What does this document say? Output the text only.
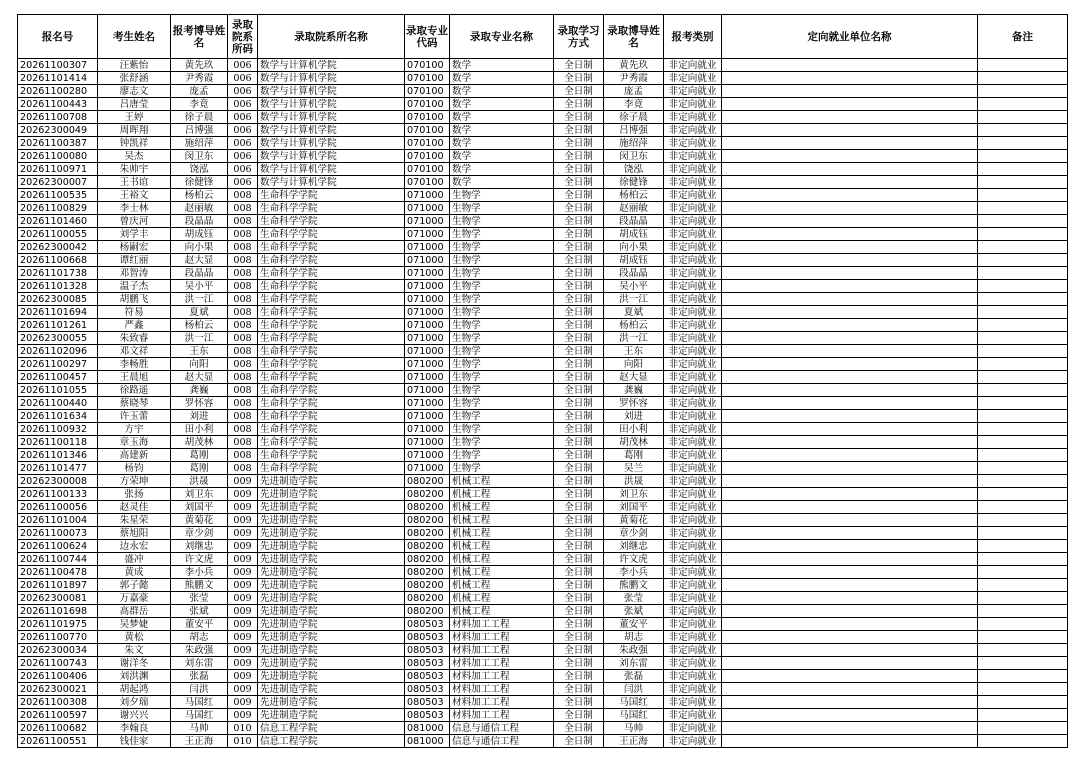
报名号	考生姓名	报考博导姓名	录取院系所码	录取院系所名称	录取专业代码	录取专业名称	录取学习方式	录取博导姓名	报考类别	定向就业单位名称	备注
20261100307	汪紫怡	黄先玖	006	数学与计算机学院	070100	数学	全日制	黄先玖	非定向就业		
20261101414	张舒涵	尹秀霞	006	数学与计算机学院	070100	数学	全日制	尹秀霞	非定向就业		
20261100280	廖志文	庞孟	006	数学与计算机学院	070100	数学	全日制	庞孟	非定向就业		
20261100443	吕唐莹	李竟	006	数学与计算机学院	070100	数学	全日制	李竟	非定向就业		
20261100708	王婷	徐子晨	006	数学与计算机学院	070100	数学	全日制	徐子晨	非定向就业		
20262300049	周晖翔	吕博强	006	数学与计算机学院	070100	数学	全日制	吕博强	非定向就业		
20261100387	钟凯祥	施绍萍	006	数学与计算机学院	070100	数学	全日制	施绍萍	非定向就业		
20261100080	吴杰	闵卫东	006	数学与计算机学院	070100	数学	全日制	闵卫东	非定向就业		
20261100971	朱帅宇	饶泓	006	数学与计算机学院	070100	数学	全日制	饶泓	非定向就业		
20262300007	王书谊	徐健锋	006	数学与计算机学院	070100	数学	全日制	徐健锋	非定向就业		
20261100535	王裕文	杨柏云	008	生命科学学院	071000	生物学	全日制	杨柏云	非定向就业		
20261100829	李士林	赵丽敏	008	生命科学学院	071000	生物学	全日制	赵丽敏	非定向就业		
20261101460	曾庆河	段晶晶	008	生命科学学院	071000	生物学	全日制	段晶晶	非定向就业		
20261100055	刘学丰	胡成钰	008	生命科学学院	071000	生物学	全日制	胡成钰	非定向就业		
20262300042	杨嗣宏	向小果	008	生命科学学院	071000	生物学	全日制	向小果	非定向就业		
20261100668	谭红丽	赵大显	008	生命科学学院	071000	生物学	全日制	胡成钰	非定向就业		
20261101738	邓智涛	段晶晶	008	生命科学学院	071000	生物学	全日制	段晶晶	非定向就业		
20261101328	温子杰	吴小平	008	生命科学学院	071000	生物学	全日制	吴小平	非定向就业		
20262300085	胡鹏飞	洪一江	008	生命科学学院	071000	生物学	全日制	洪一江	非定向就业		
20261101694	符易	夏斌	008	生命科学学院	071000	生物学	全日制	夏斌	非定向就业		
20261101261	严鑫	杨柏云	008	生命科学学院	071000	生物学	全日制	杨柏云	非定向就业		
20262300055	朱致睿	洪一江	008	生命科学学院	071000	生物学	全日制	洪一江	非定向就业		
20261102096	邓文祥	王东	008	生命科学学院	071000	生物学	全日制	王东	非定向就业		
20261100297	李畅胜	向阳	008	生命科学学院	071000	生物学	全日制	向阳	非定向就业		
20261100457	王晨旭	赵大显	008	生命科学学院	071000	生物学	全日制	赵大显	非定向就业		
20261101055	徐路遥	龚巍	008	生命科学学院	071000	生物学	全日制	龚巍	非定向就业		
20261100440	蔡晓琴	罗怀容	008	生命科学学院	071000	生物学	全日制	罗怀容	非定向就业		
20261101634	许玉蕾	刘进	008	生命科学学院	071000	生物学	全日制	刘进	非定向就业		
20261100932	方宇	田小利	008	生命科学学院	071000	生物学	全日制	田小利	非定向就业		
20261100118	章玉海	胡茂林	008	生命科学学院	071000	生物学	全日制	胡茂林	非定向就业		
20261101346	高建新	葛刚	008	生命科学学院	071000	生物学	全日制	葛刚	非定向就业		
20261101477	杨钧	葛刚	008	生命科学学院	071000	生物学	全日制	吴兰	非定向就业		
20262300008	方荣坤	洪晟	009	先进制造学院	080200	机械工程	全日制	洪晟	非定向就业		
20261100133	张扬	刘卫东	009	先进制造学院	080200	机械工程	全日制	刘卫东	非定向就业		
20261100056	赵灵佳	刘国平	009	先进制造学院	080200	机械工程	全日制	刘国平	非定向就业		
20261101004	朱星荣	黄菊花	009	先进制造学院	080200	机械工程	全日制	黄菊花	非定向就业		
20261100073	蔡旭阳	章少剑	009	先进制造学院	080200	机械工程	全日制	章少剑	非定向就业		
20261100624	边永宏	刘继忠	009	先进制造学院	080200	机械工程	全日制	刘继忠	非定向就业		
20261100744	盛冲	许文虎	009	先进制造学院	080200	机械工程	全日制	许文虎	非定向就业		
20261100478	黄成	李小兵	009	先进制造学院	080200	机械工程	全日制	李小兵	非定向就业		
20261101897	郭子懿	熊鹏文	009	先进制造学院	080200	机械工程	全日制	熊鹏文	非定向就业		
20262300081	万嘉豪	张莹	009	先进制造学院	080200	机械工程	全日制	张莹	非定向就业		
20261101698	高群岳	张斌	009	先进制造学院	080200	机械工程	全日制	张斌	非定向就业		
20261101975	吴梦婕	董安平	009	先进制造学院	080503	材料加工工程	全日制	董安平	非定向就业		
20261100770	黄松	胡志	009	先进制造学院	080503	材料加工工程	全日制	胡志	非定向就业		
20262300034	朱文	朱政强	009	先进制造学院	080503	材料加工工程	全日制	朱政强	非定向就业		
20261100743	谢洋冬	刘东雷	009	先进制造学院	080503	材料加工工程	全日制	刘东雷	非定向就业		
20261100406	刘洪渊	张磊	009	先进制造学院	080503	材料加工工程	全日制	张磊	非定向就业		
20262300021	胡起鸿	闫洪	009	先进制造学院	080503	材料加工工程	全日制	闫洪	非定向就业		
20261100308	刘夕瑞	马国红	009	先进制造学院	080503	材料加工工程	全日制	马国红	非定向就业		
20261100597	谢兴兴	马国红	009	先进制造学院	080503	材料加工工程	全日制	马国红	非定向就业		
20261100682	李翰良	马帅	010	信息工程学院	081000	信息与通信工程	全日制	马帅	非定向就业		
20261100551	钱佳家	王正海	010	信息工程学院	081000	信息与通信工程	全日制	王正海	非定向就业		
